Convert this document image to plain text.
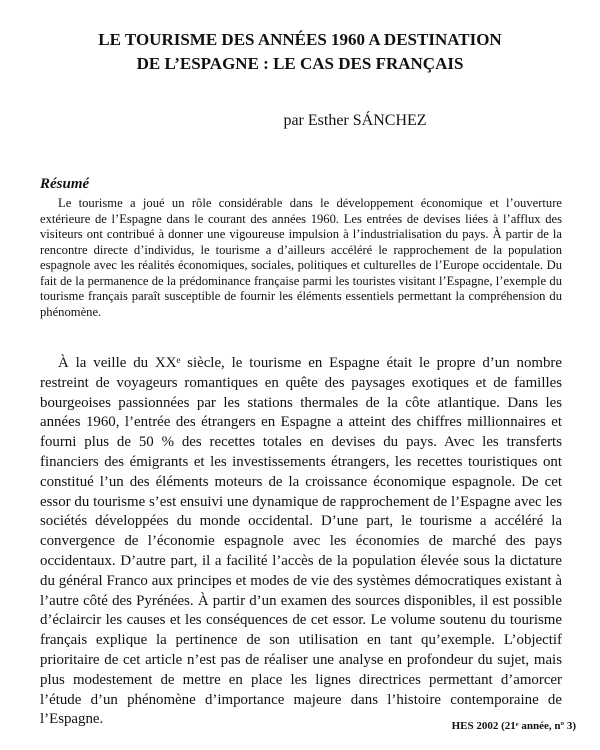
LE TOURISME DES ANNÉES 1960 A DESTINATION
DE L’ESPAGNE : LE CAS DES FRANÇAIS
par Esther SÁNCHEZ
Résumé

Le tourisme a joué un rôle considérable dans le développement économique et l’ouverture extérieure de l’Espagne dans le courant des années 1960. Les entrées de devises liées à l’afflux des visiteurs ont contribué à donner une vigoureuse impulsion à l’industrialisation du pays. À partir de la rencontre directe d’individus, le tourisme a d’ailleurs accéléré le rapprochement de la population espagnole avec les réalités économiques, sociales, politiques et culturelles de l’Europe occidentale. Du fait de la permanence de la prédominance française parmi les touristes visitant l’Espagne, l’exemple du tourisme français paraît susceptible de fournir les éléments essentiels permettant la compréhension du phénomène.

À la veille du XXᵉ siècle, le tourisme en Espagne était le propre d’un nombre restreint de voyageurs romantiques en quête des paysages exotiques et de familles bourgeoises passionnées par les stations thermales de la côte atlantique. Dans les années 1960, l’entrée des étrangers en Espagne a atteint des chiffres millionnaires et fourni plus de 50 % des recettes totales en devises du pays. Avec les transferts financiers des émigrants et les investissements étrangers, les recettes touristiques ont constitué l’un des éléments moteurs de la croissance économique espagnole. De cet essor du tourisme s’est ensuivi une dynamique de rapprochement de l’Espagne avec les sociétés développées du monde occidental. D’une part, le tourisme a accéléré la convergence de l’économie espagnole avec les économies de marché des pays occidentaux. D’autre part, il a facilité l’accès de la population élevée sous la dictature du général Franco aux principes et modes de vie des systèmes démocratiques existant à l’autre côté des Pyrénées. À partir d’un examen des sources disponibles, il est possible d’éclaircir les causes et les conséquences de cet essor. Le volume soutenu du tourisme français explique la pertinence de son utilisation en tant qu’exemple. L’objectif prioritaire de cet article n’est pas de réaliser une analyse en profondeur du sujet, mais plus modestement de mettre en place les lignes directrices permettant d’amorcer l’étude d’un phénomène d’importance majeure dans l’histoire contemporaine de l’Espagne.	HES 2002 (21ᵉ année, nº 3)
